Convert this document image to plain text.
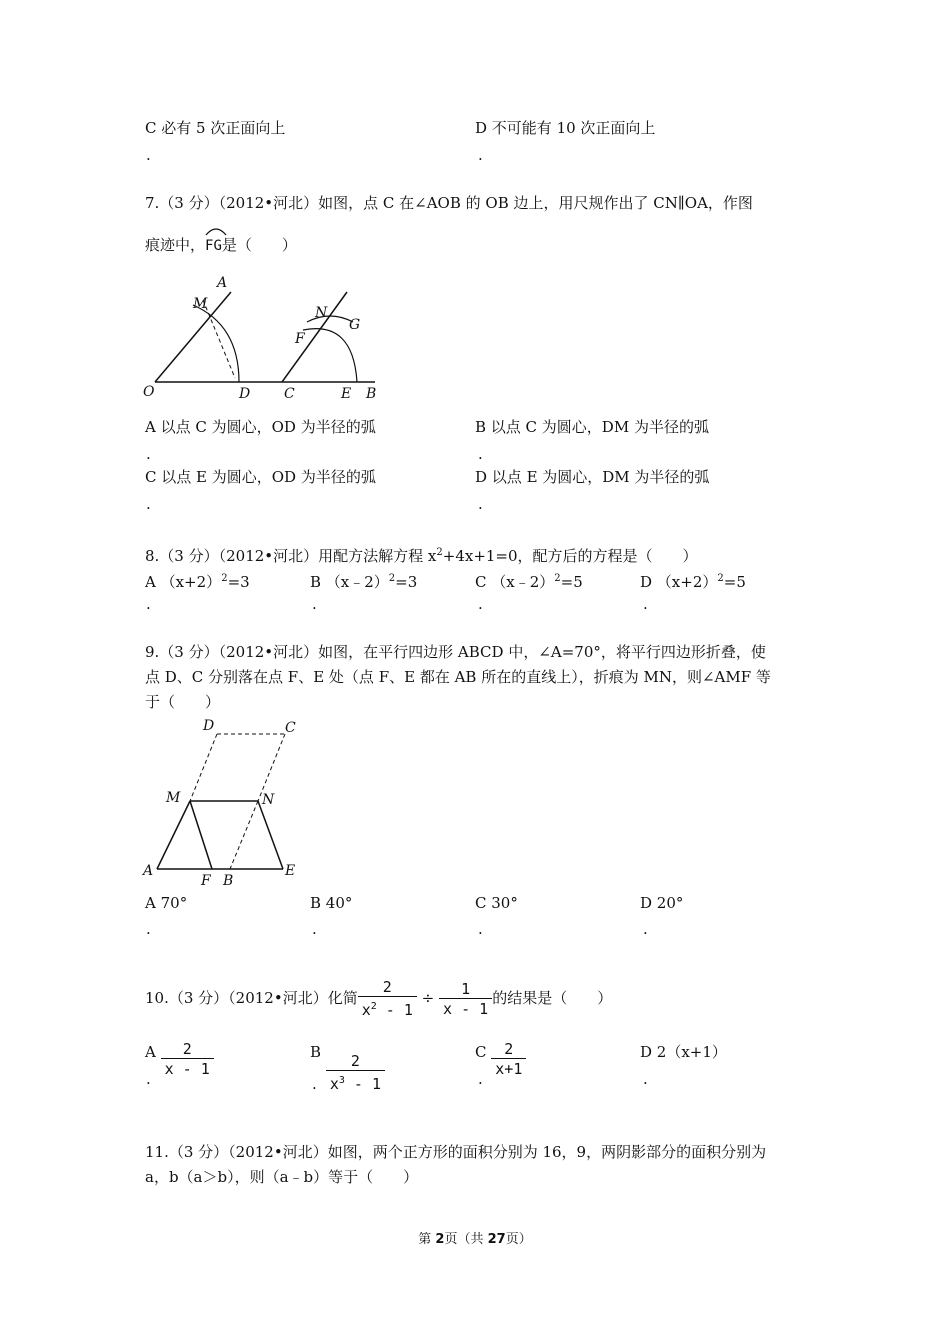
C 必有 5 次正面向上	D 不可能有 10 次正面向上
.	.
7.（3 分）（2012•河北）如图，点 C 在∠AOB 的 OB 边上，用尺规作出了 CN∥OA，作图
痕迹中，
FG是（　　）
A
M
O	D C
N
F
G
E B
A 以点 C 为圆心，OD 为半径的弧	B 以点 C 为圆心，DM 为半径的弧
.	.
C 以点 E 为圆心，OD 为半径的弧	D 以点 E 为圆心，DM 为半径的弧
.	.
8.（3 分）（2012•河北）用配方法解方程 $x^2+4x+1=0$，配方后的方程是（　　）
A $(x+2)^2=3$	B （x﹣2）$^2$=3	C （x﹣2）$^2$=5	D $(x+2)^2=5$
.	.	.	.
9.（3 分）（2012•河北）如图，在平行四边形 ABCD 中，∠A=70°，将平行四边形折叠，使
点 D、C 分别落在点 F、E 处（点 F、E 都在 AB 所在的直线上），折痕为 MN，则∠AMF 等
于（　　）
D	C
M	N
A
F B
E
A 70°	B 40°	C 30°	D 20°
.	.	.	.
10.（3 分）（2012•河北）化简 $\frac{2}{x^2 - 1} \div \frac{1}{x - 1}$ 的结果是（　　）
A $\frac{2}{x - 1}$	B $\frac{2}{x^3 - 1}$	C $\frac{2}{x+1}$	D 2（x+1）
.	.	.	.
11.（3 分）（2012•河北）如图，两个正方形的面积分别为 16，9，两阴影部分的面积分别为
a，b（a＞b），则（a﹣b）等于（　　）
第 2页（共 27页）
